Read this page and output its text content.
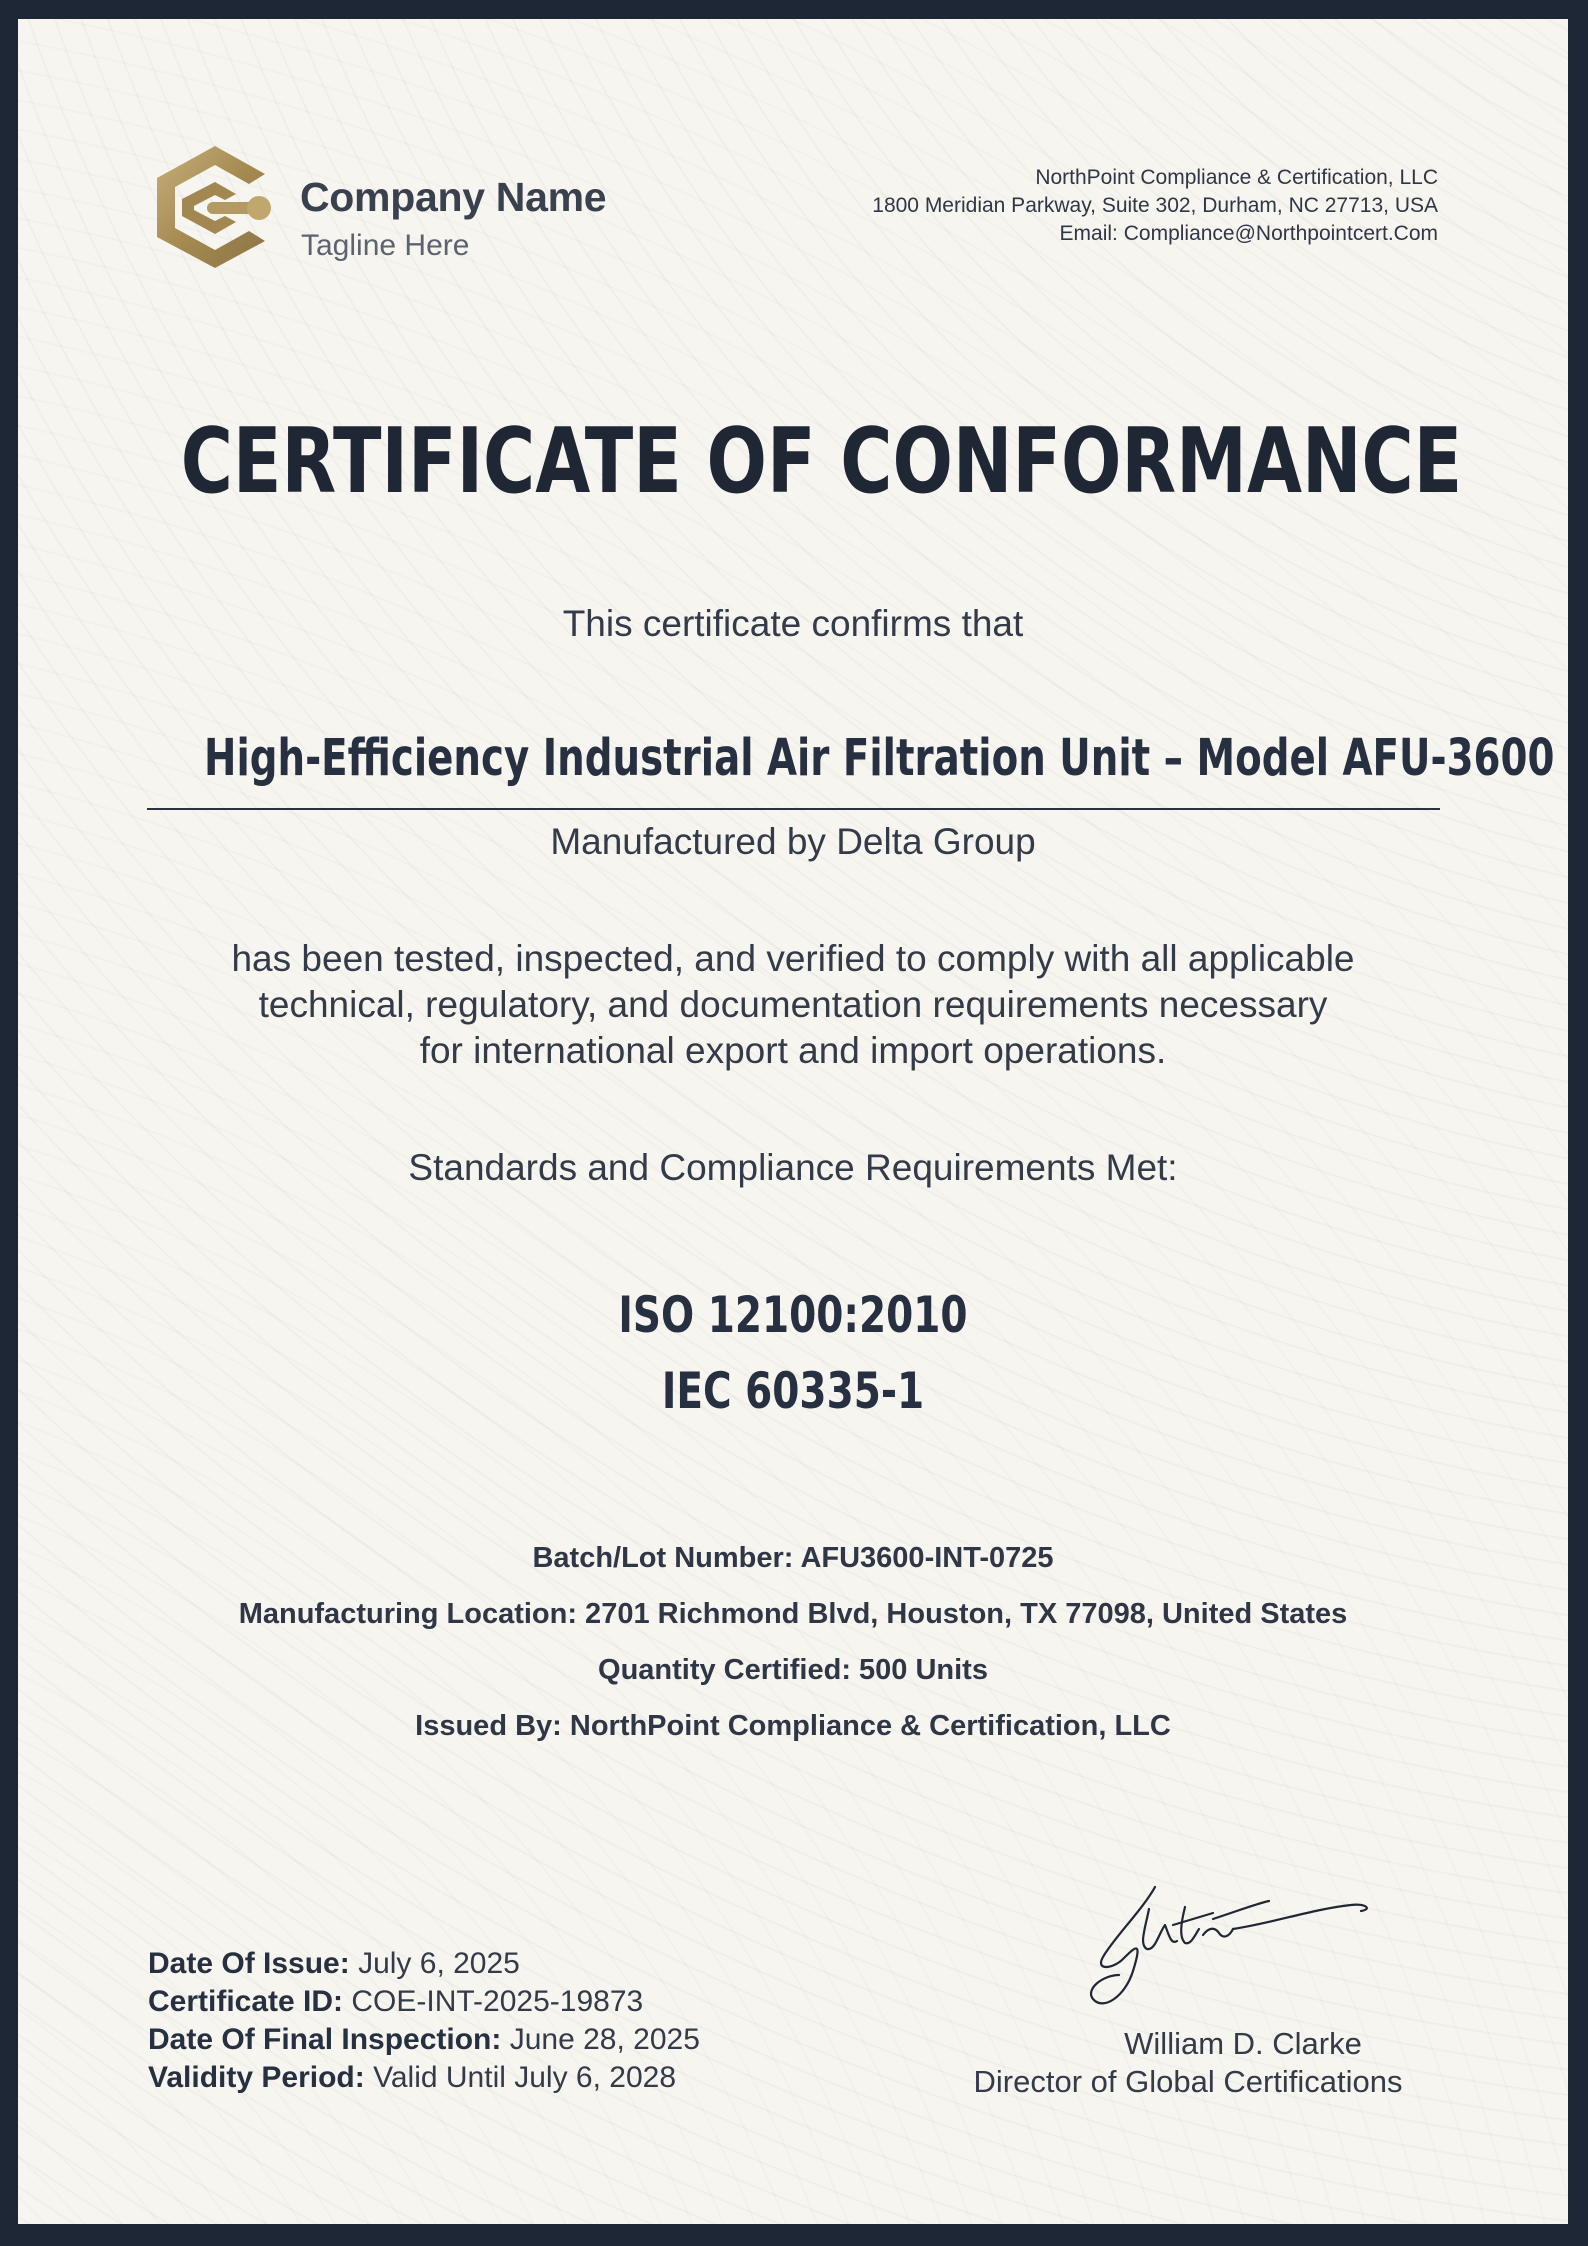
Company Name
Tagline Here
NorthPoint Compliance & Certification, LLC
1800 Meridian Parkway, Suite 302, Durham, NC 27713, USA
Email: Compliance@Northpointcert.Com
CERTIFICATE OF CONFORMANCE
This certificate confirms that
High-Efficiency Industrial Air Filtration Unit – Model AFU-3600
Manufactured by Delta Group
has been tested, inspected, and verified to comply with all applicable
technical, regulatory, and documentation requirements necessary
for international export and import operations.
Standards and Compliance Requirements Met:
ISO 12100:2010
IEC 60335-1
Batch/Lot Number: AFU3600-INT-0725
Manufacturing Location: 2701 Richmond Blvd, Houston, TX 77098, United States
Quantity Certified: 500 Units
Issued By: NorthPoint Compliance & Certification, LLC
Date Of Issue: July 6, 2025
Certificate ID: COE-INT-2025-19873
Date Of Final Inspection: June 28, 2025
Validity Period: Valid Until July 6, 2028
William D. Clarke
Director of Global Certifications
